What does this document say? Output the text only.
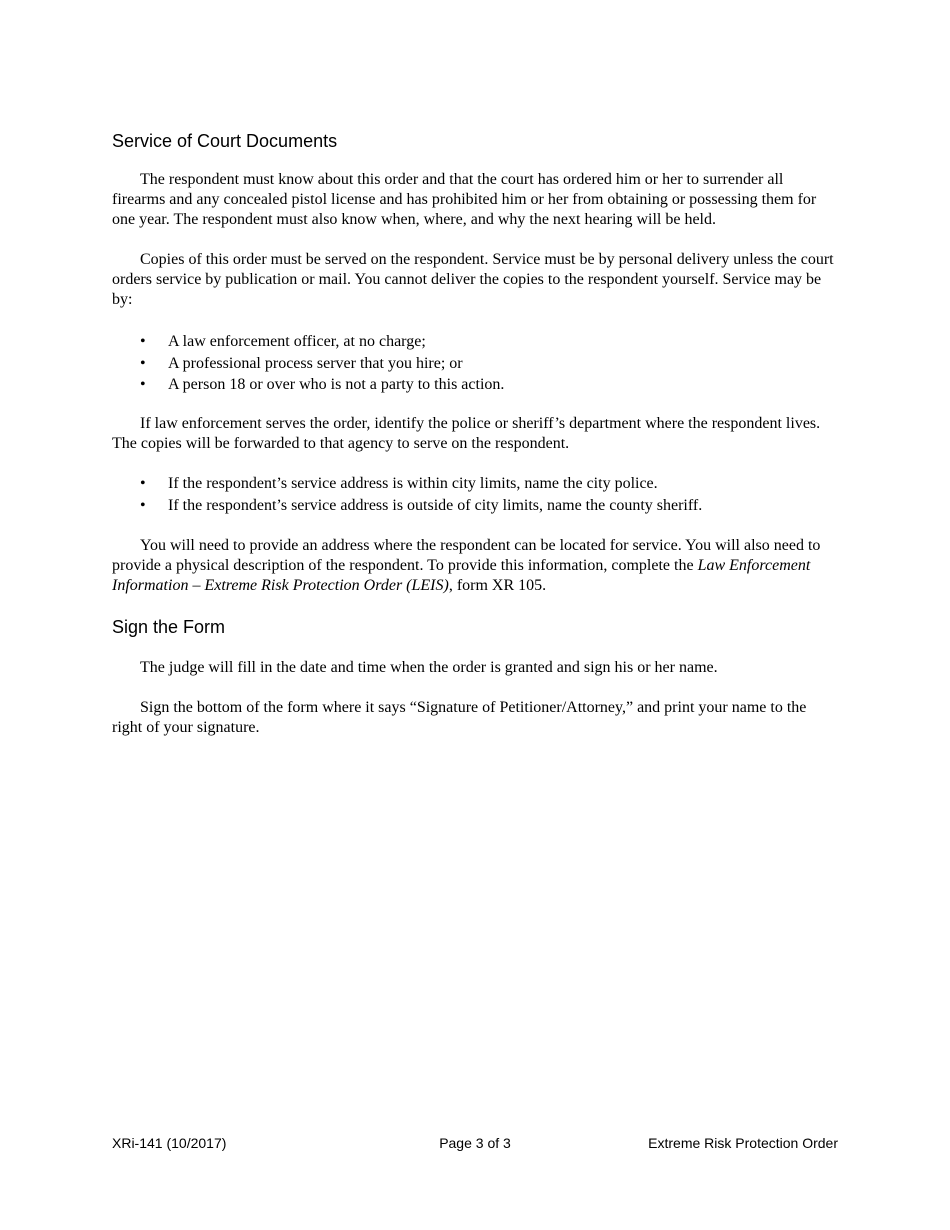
Service of Court Documents

The respondent must know about this order and that the court has ordered him or her to surrender all firearms and any concealed pistol license and has prohibited him or her from obtaining or possessing them for one year. The respondent must also know when, where, and why the next hearing will be held.

Copies of this order must be served on the respondent. Service must be by personal delivery unless the court orders service by publication or mail. You cannot deliver the copies to the respondent yourself. Service may be by:

• A law enforcement officer, at no charge;
• A professional process server that you hire; or
• A person 18 or over who is not a party to this action.

If law enforcement serves the order, identify the police or sheriff’s department where the respondent lives. The copies will be forwarded to that agency to serve on the respondent.

• If the respondent’s service address is within city limits, name the city police.
• If the respondent’s service address is outside of city limits, name the county sheriff.

You will need to provide an address where the respondent can be located for service. You will also need to provide a physical description of the respondent. To provide this information, complete the Law Enforcement Information – Extreme Risk Protection Order (LEIS), form XR 105.

Sign the Form

The judge will fill in the date and time when the order is granted and sign his or her name.

Sign the bottom of the form where it says “Signature of Petitioner/Attorney,” and print your name to the right of your signature.

XRi-141 (10/2017)	Page 3 of 3	Extreme Risk Protection Order
